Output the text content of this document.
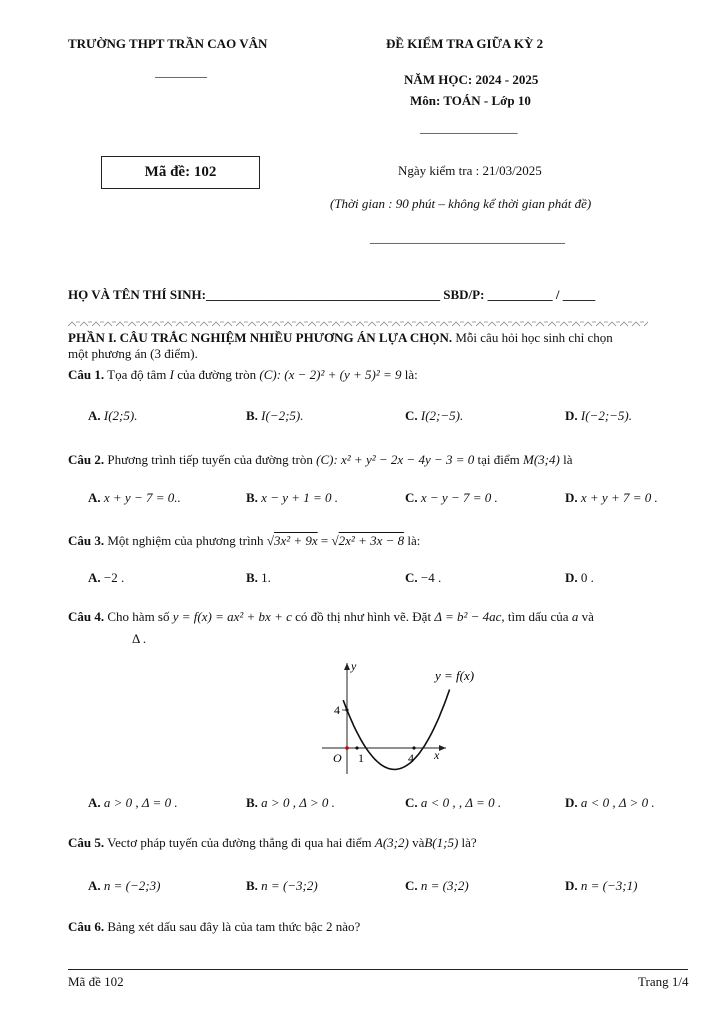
TRƯỜNG THPT TRẦN CAO VÂN
________
ĐỀ KIỂM TRA GIỮA KỲ 2
NĂM HỌC: 2024 - 2025
Môn: TOÁN - Lớp 10
_______________
Mã đề: 102	Ngày kiểm tra : 21/03/2025
(Thời gian : 90 phút – không kể thời gian phát đề)
______________________________
HỌ VÀ TÊN THÍ SINH:____________________________________ SBD/P: __________ / _____
PHẦN I. CÂU TRẮC NGHIỆM NHIỀU PHƯƠNG ÁN LỰA CHỌN. Mỗi câu hỏi học sinh chỉ chọn
một phương án (3 điểm).
Câu 1. Tọa độ tâm I của đường tròn (C): (x − 2)² + (y + 5)² = 9 là:
A. I(2;5).	B. I(−2;5).	C. I(2;−5).	D. I(−2;−5).
Câu 2. Phương trình tiếp tuyến của đường tròn (C): x² + y² − 2x − 4y − 3 = 0 tại điểm M(3;4) là
A. x + y − 7 = 0..	B. x − y + 1 = 0 .	C. x − y − 7 = 0 .	D. x + y + 7 = 0 .
Câu 3. Một nghiệm của phương trình √3x² + 9x = √2x² + 3x − 8 là:
A. −2 .	B. 1.	C. −4 .	D. 0 .
Câu 4. Cho hàm số y = f(x) = ax² + bx + c có đồ thị như hình vẽ. Đặt Δ = b² − 4ac, tìm dấu của a và
Δ .
y
x
O 1	4
4
y = f(x)
A. a > 0 , Δ = 0 .	B. a > 0 , Δ > 0 .	C. a < 0 , , Δ = 0 .	D. a < 0 , Δ > 0 .
Câu 5. Vectơ pháp tuyến của đường thẳng đi qua hai điểm A(3;2) vàB(1;5) là?
A. n = (−2;3)	B. n = (−3;2)	C. n = (3;2)	D. n = (−3;1)
Câu 6. Bảng xét dấu sau đây là của tam thức bậc 2 nào?
Mã đề 102	Trang 1/4
